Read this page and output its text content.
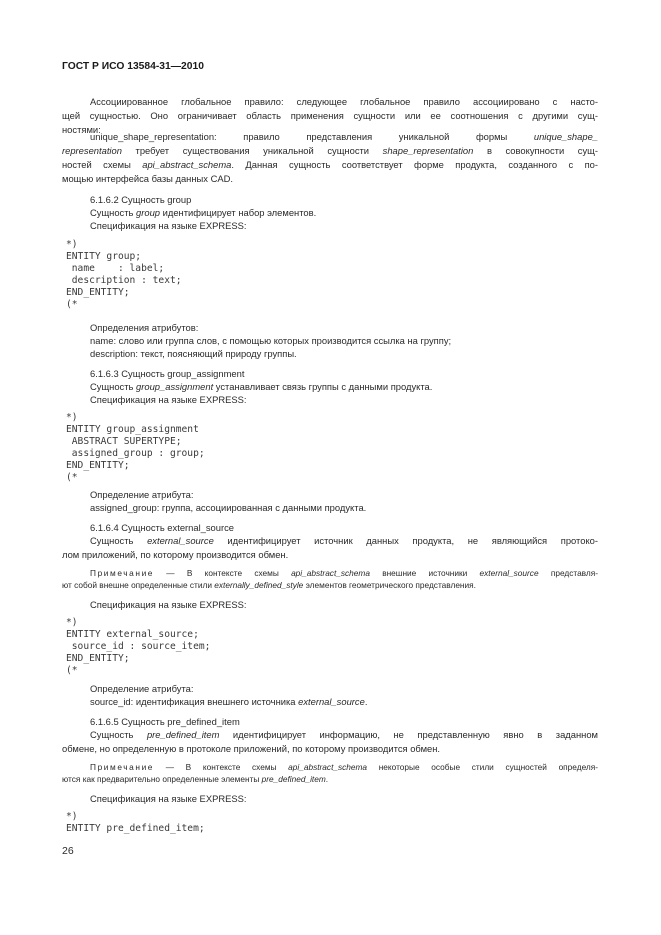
ГОСТ Р ИСО 13584-31—2010
Ассоциированное глобальное правило: следующее глобальное правило ассоциировано с насто-
щей сущностью. Оно ограничивает область применения сущности или ее соотношения с другими сущ-
ностями:
unique_shape_representation: правило представления уникальной формы unique_shape_
representation требует существования уникальной сущности shape_representation в совокупности сущ-
ностей схемы api_abstract_schema. Данная сущность соответствует форме продукта, созданного с по-
мощью интерфейса базы данных CAD.
6.1.6.2 Сущность group
Сущность group идентифицирует набор элементов.
Спецификация на языке EXPRESS:
*)
ENTITY group;
name    : label;
description : text;
END_ENTITY;
(*
Определения атрибутов:
name: слово или группа слов, с помощью которых производится ссылка на группу;
description: текст, поясняющий природу группы.
6.1.6.3 Сущность group_assignment
Сущность group_assignment устанавливает связь группы с данными продукта.
Спецификация на языке EXPRESS:
*)
ENTITY group_assignment
ABSTRACT SUPERTYPE;
assigned_group : group;
END_ENTITY;
(*
Определение атрибута:
assigned_group: группа, ассоциированная с данными продукта.
6.1.6.4 Сущность external_source
Сущность external_source идентифицирует источник данных продукта, не являющийся протоко-
лом приложений, по которому производится обмен.
Примечание — В контексте схемы api_abstract_schema внешние источники external_source представля-
ют собой внешне определенные стили externally_defined_style элементов геометрического представления.
Спецификация на языке EXPRESS:
*)
ENTITY external_source;
source_id : source_item;
END_ENTITY;
(*
Определение атрибута:
source_id: идентификация внешнего источника external_source.
6.1.6.5 Сущность pre_defined_item
Сущность pre_defined_item идентифицирует информацию, не представленную явно в заданном
обмене, но определенную в протоколе приложений, по которому производится обмен.
Примечание — В контексте схемы api_abstract_schema некоторые особые стили сущностей определя-
ются как предварительно определенные элементы pre_defined_item.
Спецификация на языке EXPRESS:
*)
ENTITY pre_defined_item;
26
